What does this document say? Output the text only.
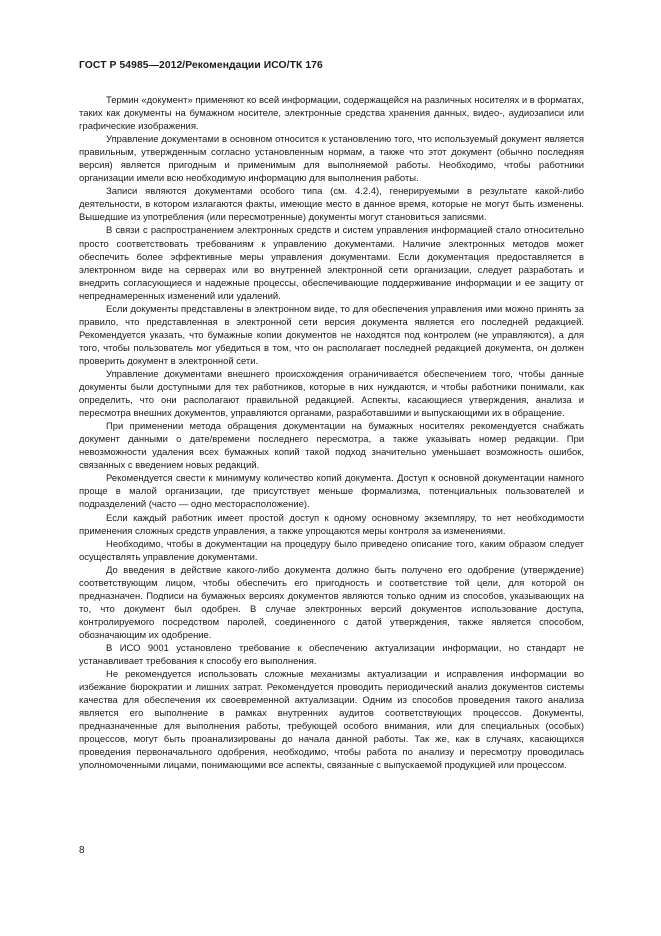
ГОСТ Р 54985—2012/Рекомендации ИСО/ТК 176

Термин «документ» применяют ко всей информации, содержащейся на различных носителях и в форматах, таких как документы на бумажном носителе, электронные средства хранения данных, видео-, аудиозаписи или графические изображения.

Управление документами в основном относится к установлению того, что используемый документ является правильным, утвержденным согласно установленным нормам, а также что этот документ (обычно последняя версия) является пригодным и применимым для выполняемой работы. Необходимо, чтобы работники организации имели всю необходимую информацию для выполнения работы.

Записи являются документами особого типа (см. 4.2.4), генерируемыми в результате какой-либо деятельности, в котором излагаются факты, имеющие место в данное время, которые не могут быть изменены. Вышедшие из употребления (или пересмотренные) документы могут становиться записями.

В связи с распространением электронных средств и систем управления информацией стало относительно просто соответствовать требованиям к управлению документами. Наличие электронных методов может обеспечить более эффективные меры управления документами. Если документация предоставляется в электронном виде на серверах или во внутренней электронной сети организации, следует разработать и внедрить согласующиеся и надежные процессы, обеспечивающие поддерживание информации и ее защиту от непреднамеренных изменений или удалений.

Если документы представлены в электронном виде, то для обеспечения управления ими можно принять за правило, что представленная в электронной сети версия документа является его последней редакцией. Рекомендуется указать, что бумажные копии документов не находятся под контролем (не управляются), а для того, чтобы пользователь мог убедиться в том, что он располагает последней редакцией документа, он должен проверить документ в электронной сети.

Управление документами внешнего происхождения ограничивается обеспечением того, чтобы данные документы были доступными для тех работников, которые в них нуждаются, и чтобы работники понимали, как определить, что они располагают правильной редакцией. Аспекты, касающиеся утверждения, анализа и пересмотра внешних документов, управляются органами, разработавшими и выпускающими их в обращение.

При применении метода обращения документации на бумажных носителях рекомендуется снабжать документ данными о дате/времени последнего пересмотра, а также указывать номер редакции. При невозможности удаления всех бумажных копий такой подход значительно уменьшает возможность ошибок, связанных с введением новых редакций.

Рекомендуется свести к минимуму количество копий документа. Доступ к основной документации намного проще в малой организации, где присутствует меньше формализма, потенциальных пользователей и подразделений (часто — одно месторасположение).

Если каждый работник имеет простой доступ к одному основному экземпляру, то нет необходимости применения сложных средств управления, а также упрощаются меры контроля за изменениями.

Необходимо, чтобы в документации на процедуру было приведено описание того, каким образом следует осуществлять управление документами.

До введения в действие какого-либо документа должно быть получено его одобрение (утверждение) соответствующим лицом, чтобы обеспечить его пригодность и соответствие той цели, для которой он предназначен. Подписи на бумажных версиях документов являются только одним из способов, указывающих на то, что документ был одобрен. В случае электронных версий документов использование доступа, контролируемого посредством паролей, соединенного с датой утверждения, также является способом, обозначающим их одобрение.

В ИСО 9001 установлено требование к обеспечению актуализации информации, но стандарт не устанавливает требования к способу его выполнения.

Не рекомендуется использовать сложные механизмы актуализации и исправления информации во избежание бюрократии и лишних затрат. Рекомендуется проводить периодический анализ документов системы качества для обеспечения их своевременной актуализации. Одним из способов проведения такого анализа является его выполнение в рамках внутренних аудитов соответствующих процессов. Документы, предназначенные для выполнения работы, требующей особого внимания, или для специальных (особых) процессов, могут быть проанализированы до начала данной работы. Так же, как в случаях, касающихся проведения первоначального одобрения, необходимо, чтобы работа по анализу и пересмотру проводилась уполномоченными лицами, понимающими все аспекты, связанные с выпускаемой продукцией или процессом.

8
